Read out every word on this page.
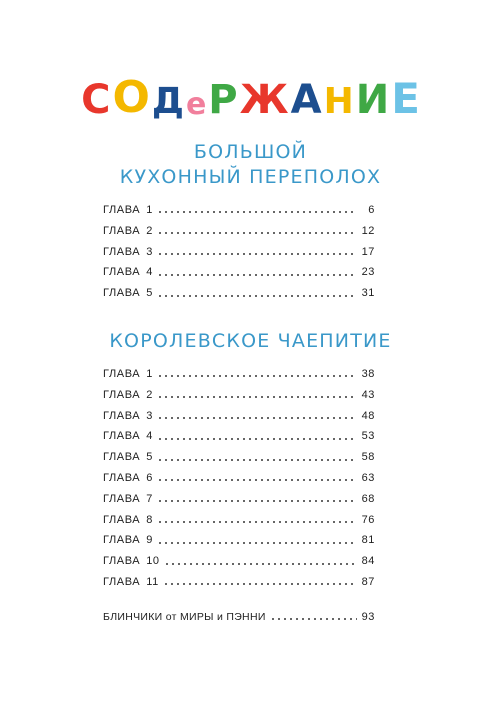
С О Д е Р Ж А Н И Е
БОЛЬШОЙ
КУХОННЫЙ ПЕРЕПОЛОХ
ГЛАВА 1	6
ГЛАВА 2	12
ГЛАВА 3	17
ГЛАВА 4	23
ГЛАВА 5	31
КОРОЛЕВСКОЕ ЧАЕПИТИЕ
ГЛАВА 1	38
ГЛАВА 2	43
ГЛАВА 3	48
ГЛАВА 4	53
ГЛАВА 5	58
ГЛАВА 6	63
ГЛАВА 7	68
ГЛАВА 8	76
ГЛАВА 9	81
ГЛАВА 10	84
ГЛАВА 11	87
БЛИНЧИКИ от МИРЫ и ПЭННИ	93
